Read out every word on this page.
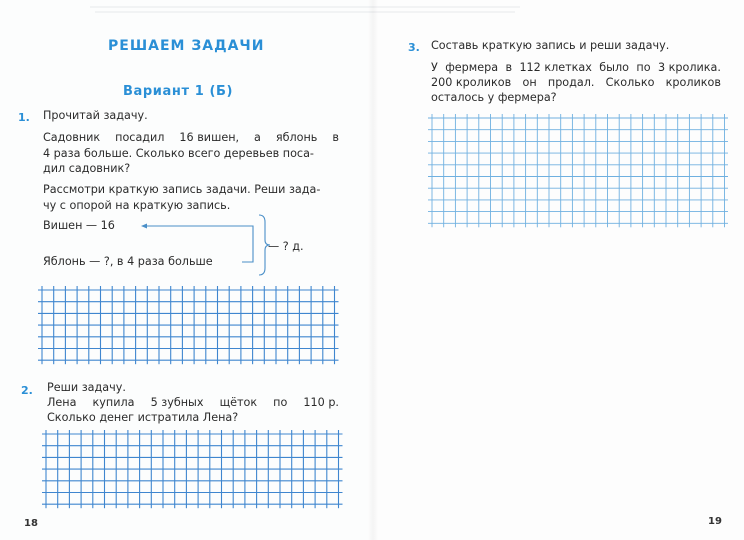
РЕШАЕМ ЗАДАЧИ
Вариант 1 (Б)
1. Прочитай задачу.
Садовник посадил 16 вишен, а яблонь в
4 раза больше. Сколько всего деревьев поса-
дил садовник?
Рассмотри краткую запись задачи. Реши зада-
чу с опорой на краткую запись.
Вишен — 16
Яблонь — ?, в 4 раза больше
— ? д.
2. Реши задачу.
Лена купила 5 зубных щёток по 110 р.
Сколько денег истратила Лена?
18
3. Составь краткую запись и реши задачу.
У фермера в 112 клетках было по 3 кролика.
200 кроликов он продал. Сколько кроликов
осталось у фермера?
19
